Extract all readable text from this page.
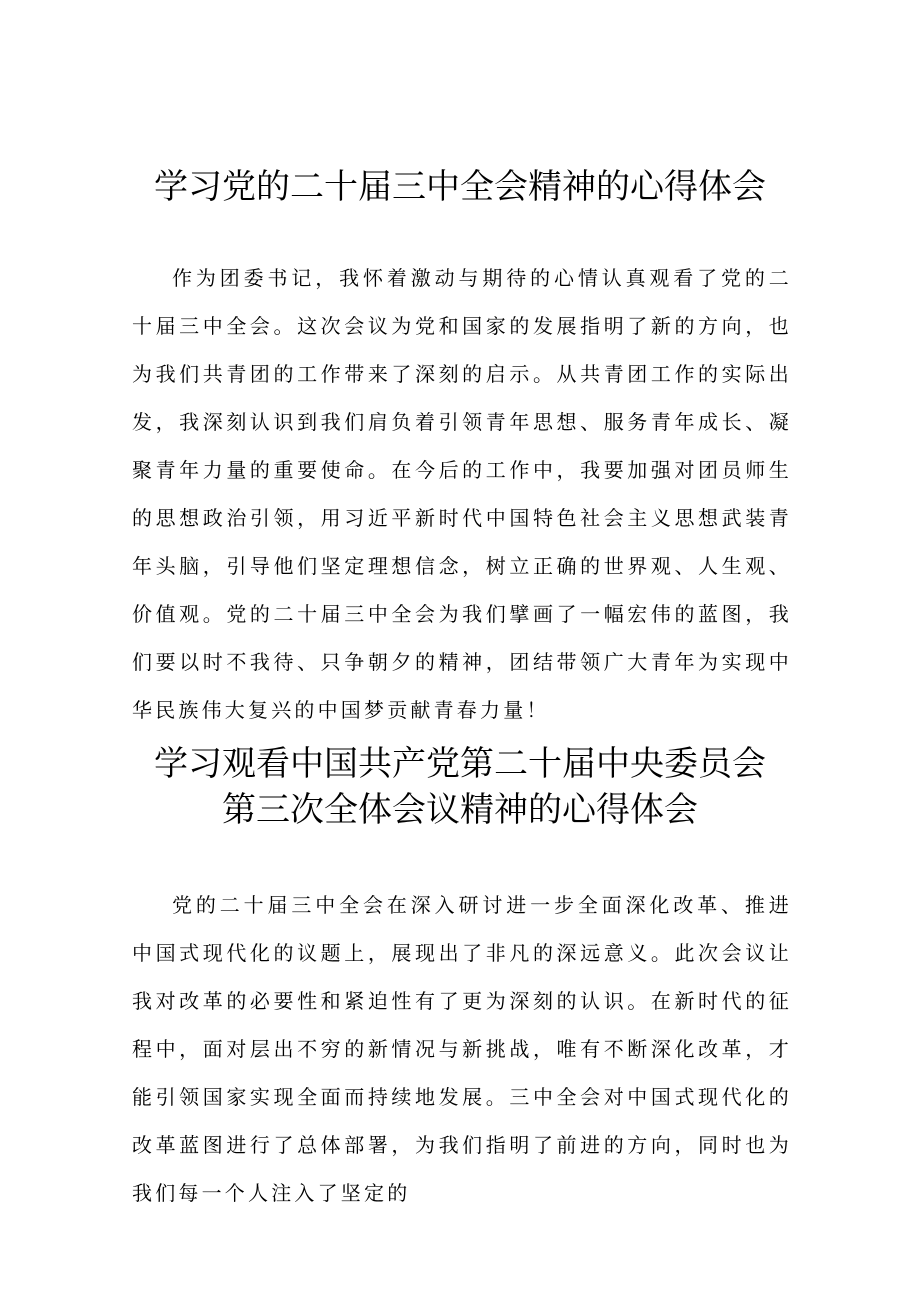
学习党的二十届三中全会精神的心得体会

作为团委书记，我怀着激动与期待的心情认真观看了党的二十届三中全会。这次会议为党和国家的发展指明了新的方向，也为我们共青团的工作带来了深刻的启示。从共青团工作的实际出发，我深刻认识到我们肩负着引领青年思想、服务青年成长、凝聚青年力量的重要使命。在今后的工作中，我要加强对团员师生的思想政治引领，用习近平新时代中国特色社会主义思想武装青年头脑，引导他们坚定理想信念，树立正确的世界观、人生观、价值观。党的二十届三中全会为我们擘画了一幅宏伟的蓝图，我们要以时不我待、只争朝夕的精神，团结带领广大青年为实现中华民族伟大复兴的中国梦贡献青春力量！

学习观看中国共产党第二十届中央委员会
第三次全体会议精神的心得体会

党的二十届三中全会在深入研讨进一步全面深化改革、推进中国式现代化的议题上，展现出了非凡的深远意义。此次会议让我对改革的必要性和紧迫性有了更为深刻的认识。在新时代的征程中，面对层出不穷的新情况与新挑战，唯有不断深化改革，才能引领国家实现全面而持续地发展。三中全会对中国式现代化的改革蓝图进行了总体部署，为我们指明了前进的方向，同时也为我们每一个人注入了坚定的
